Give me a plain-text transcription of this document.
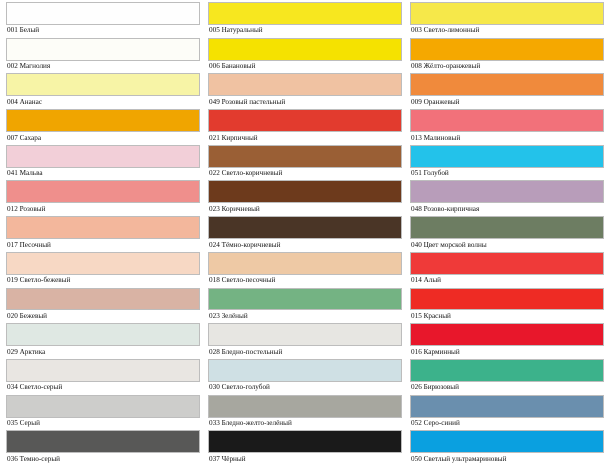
001 Белый	005 Натуральный	003 Светло-лимонный
002 Магнолия	006 Банановый	008 Жёлто-оранжевый
004 Ананас	049 Розовый пастельный	009 Оранжевый
007 Сахара	021 Кирпичный	013 Малиновый
041 Мальва	022 Светло-коричневый	051 Голубой
012 Розовый	023 Коричневый	048 Розово-кирпичная
017 Песочный	024 Тёмно-коричневый	040 Цвет морской волны
019 Светло-бежевый	018 Светло-песочный	014 Алый
020 Бежевый	023 Зелёный	015 Красный
029 Арктика	028 Бледно-постельный	016 Карминный
034 Светло-серый	030 Светло-голубой	026 Бирюзовый
035 Серый	033 Бледно-желто-зелёный	052 Серо-синий
036 Темно-серый	037 Чёрный	050 Светлый ультрамариновый
